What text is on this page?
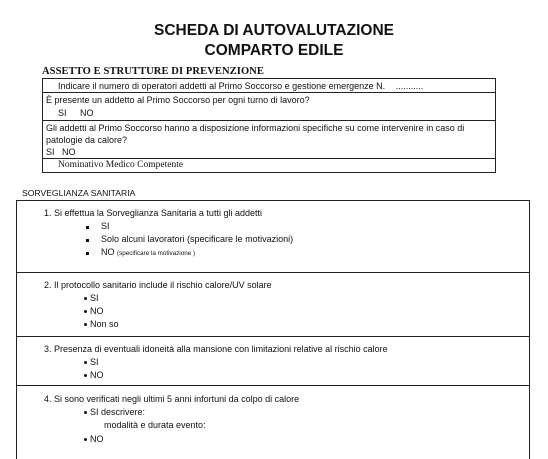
SCHEDA DI AUTOVALUTAZIONE
COMPARTO EDILE
ASSETTO E STRUTTURE DI PREVENZIONE
Indicare il numero di operatori addetti al Primo Soccorso e gestione emergenze N. ...........
È presente un addetto al Primo Soccorso per ogni turno di lavoro?
SI NO
Gli addetti al Primo Soccorso hanno a disposizione informazioni specifiche su come intervenire in caso di
patologie da calore?
SI NO
Nominativo Medico Competente
SORVEGLIANZA SANITARIA
1. Si effettua la Sorveglianza Sanitaria a tutti gli addetti
SI
Solo alcuni lavoratori (specificare le motivazioni)
NO (specificare la motivazione )
2. Il protocollo sanitario include il rischio calore/UV solare
SI
NO
Non so
3. Presenza di eventuali idoneità alla mansione con limitazioni relative al rischio calore
SI
NO
4. Si sono verificati negli ultimi 5 anni infortuni da colpo di calore
SI descrivere:
modalità e durata evento:
NO
